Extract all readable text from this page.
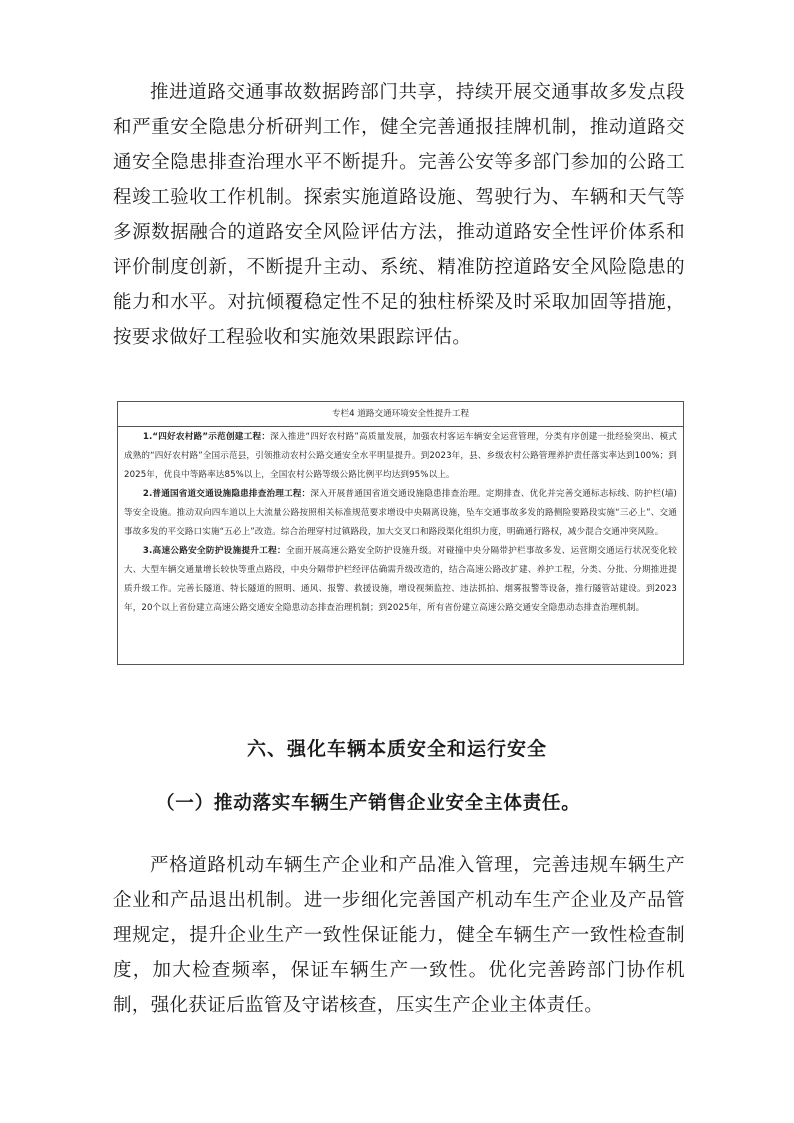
推进道路交通事故数据跨部门共享，持续开展交通事故多发点段和严重安全隐患分析研判工作，健全完善通报挂牌机制，推动道路交通安全隐患排查治理水平不断提升。完善公安等多部门参加的公路工程竣工验收工作机制。探索实施道路设施、驾驶行为、车辆和天气等多源数据融合的道路安全风险评估方法，推动道路安全性评价体系和评价制度创新，不断提升主动、系统、精准防控道路安全风险隐患的能力和水平。对抗倾覆稳定性不足的独柱桥梁及时采取加固等措施，按要求做好工程验收和实施效果跟踪评估。

专栏4 道路交通环境安全性提升工程

1.“四好农村路”示范创建工程：深入推进“四好农村路”高质量发展，加强农村客运车辆安全运营管理，分类有序创建一批经验突出、模式成熟的“四好农村路”全国示范县，引领推动农村公路交通安全水平明显提升。到2023年，县、乡级农村公路管理养护责任落实率达到100%；到2025年，优良中等路率达85%以上，全国农村公路等级公路比例平均达到95%以上。

2.普通国省道交通设施隐患排查治理工程：深入开展普通国省道交通设施隐患排查治理。定期排查、优化并完善交通标志标线、防护栏(墙)等安全设施。推动双向四车道以上大流量公路按照相关标准规范要求增设中央隔离设施，坠车交通事故多发的路侧险要路段实施“三必上”、交通事故多发的平交路口实施“五必上”改造。综合治理穿村过镇路段，加大交叉口和路段渠化组织力度，明确通行路权，减少混合交通冲突风险。

3.高速公路安全防护设施提升工程：全面开展高速公路安全防护设施升级。对碰撞中央分隔带护栏事故多发、运营期交通运行状况变化较大、大型车辆交通量增长较快等重点路段，中央分隔带护栏经评估确需升级改造的，结合高速公路改扩建、养护工程，分类、分批、分期推进提质升级工作。完善长隧道、特长隧道的照明、通风、报警、救援设施，增设视频监控、违法抓拍、烟雾报警等设备，推行隧管站建设。到2023年，20个以上省份建立高速公路交通安全隐患动态排查治理机制；到2025年，所有省份建立高速公路交通安全隐患动态排查治理机制。

六、强化车辆本质安全和运行安全
（一）推动落实车辆生产销售企业安全主体责任。

严格道路机动车辆生产企业和产品准入管理，完善违规车辆生产企业和产品退出机制。进一步细化完善国产机动车生产企业及产品管理规定，提升企业生产一致性保证能力，健全车辆生产一致性检查制度，加大检查频率，保证车辆生产一致性。优化完善跨部门协作机制，强化获证后监管及守诺核查，压实生产企业主体责任。
